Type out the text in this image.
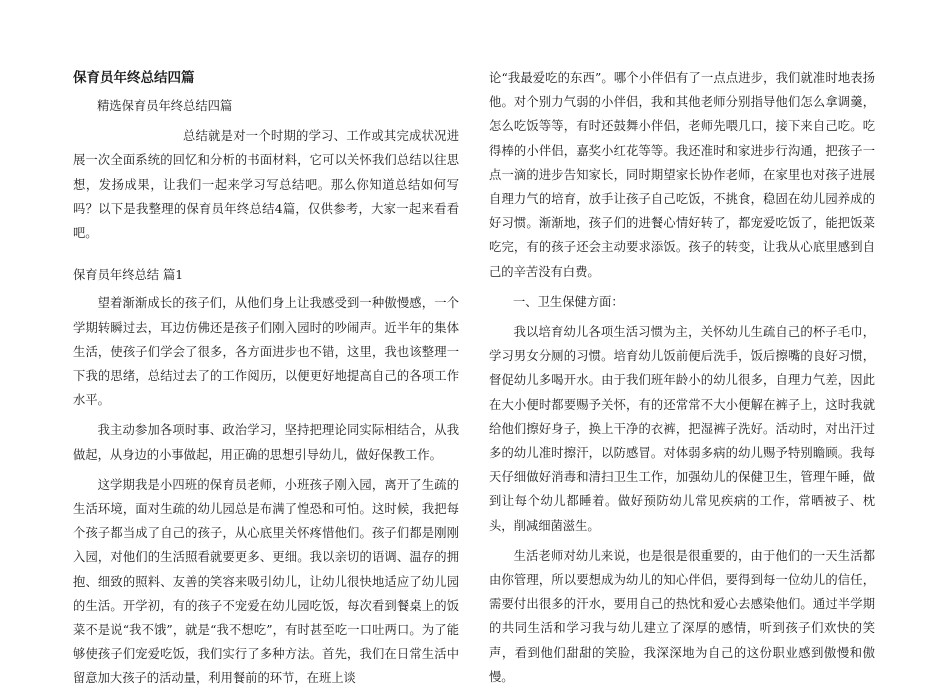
保育员年终总结四篇
精选保育员年终总结四篇

总结就是对一个时期的学习、工作或其完成状况进展一次全面系统的回忆和分析的书面材料，它可以关怀我们总结以往思想，发扬成果，让我们一起来学习写总结吧。那么你知道总结如何写吗？以下是我整理的保育员年终总结4篇，仅供参考，大家一起来看看吧。

保育员年终总结 篇1

望着渐渐成长的孩子们，从他们身上让我感受到一种傲慢感，一个学期转瞬过去，耳边仿佛还是孩子们刚入园时的吵闹声。近半年的集体生活，使孩子们学会了很多，各方面进步也不错，这里，我也该整理一下我的思绪，总结过去了的工作阅历，以便更好地提高自己的各项工作水平。

我主动参加各项时事、政治学习，坚持把理论同实际相结合，从我做起，从身边的小事做起，用正确的思想引导幼儿，做好保教工作。

这学期我是小四班的保育员老师，小班孩子刚入园，离开了生疏的生活环境，面对生疏的幼儿园总是布满了惶恐和可怕。这时候，我把每个孩子都当成了自己的孩子，从心底里关怀疼惜他们。孩子们都是刚刚入园，对他们的生活照看就要更多、更细。我以亲切的语调、温存的拥抱、细致的照料、友善的笑容来吸引幼儿，让幼儿很快地适应了幼儿园的生活。开学初，有的孩子不宠爱在幼儿园吃饭，每次看到餐桌上的饭菜不是说“我不饿”，就是“我不想吃”，有时甚至吃一口吐两口。为了能够使孩子们宠爱吃饭，我们实行了多种方法。首先，我们在日常生活中留意加大孩子的活动量，利用餐前的环节，在班上谈

论“我最爱吃的东西”。哪个小伴侣有了一点点进步，我们就准时地表扬他。对个别力气弱的小伴侣，我和其他老师分别指导他们怎么拿调羹，怎么吃饭等等，有时还鼓舞小伴侣，老师先喂几口，接下来自己吃。吃得棒的小伴侣，嘉奖小红花等等。我还准时和家进步行沟通，把孩子一点一滴的进步告知家长，同时期望家长协作老师，在家里也对孩子进展自理力气的培育，放手让孩子自己吃饭，不挑食，稳固在幼儿园养成的好习惯。渐渐地，孩子们的进餐心情好转了，都宠爱吃饭了，能把饭菜吃完，有的孩子还会主动要求添饭。孩子的转变，让我从心底里感到自己的辛苦没有白费。

一、卫生保健方面：

我以培育幼儿各项生活习惯为主，关怀幼儿生疏自己的杯子毛巾，学习男女分厕的习惯。培育幼儿饭前便后洗手，饭后擦嘴的良好习惯，督促幼儿多喝开水。由于我们班年龄小的幼儿很多，自理力气差，因此在大小便时都要赐予关怀，有的还常常不大小便解在裤子上，这时我就给他们擦好身子，换上干净的衣裤，把湿裤子洗好。活动时，对出汗过多的幼儿准时擦汗，以防感冒。对体弱多病的幼儿赐予特别瞻顾。我每天仔细做好消毒和清扫卫生工作，加强幼儿的保健卫生，管理午睡，做到让每个幼儿都睡着。做好预防幼儿常见疾病的工作，常晒被子、枕头，削减细菌滋生。

生活老师对幼儿来说，也是很是很重要的，由于他们的一天生活都由你管理，所以要想成为幼儿的知心伴侣，要得到每一位幼儿的信任，需要付出很多的汗水，要用自己的热忱和爱心去感染他们。通过半学期的共同生活和学习我与幼儿建立了深厚的感情，听到孩子们欢快的笑声，看到他们甜甜的笑脸，我深深地为自己的这份职业感到傲慢和傲慢。
